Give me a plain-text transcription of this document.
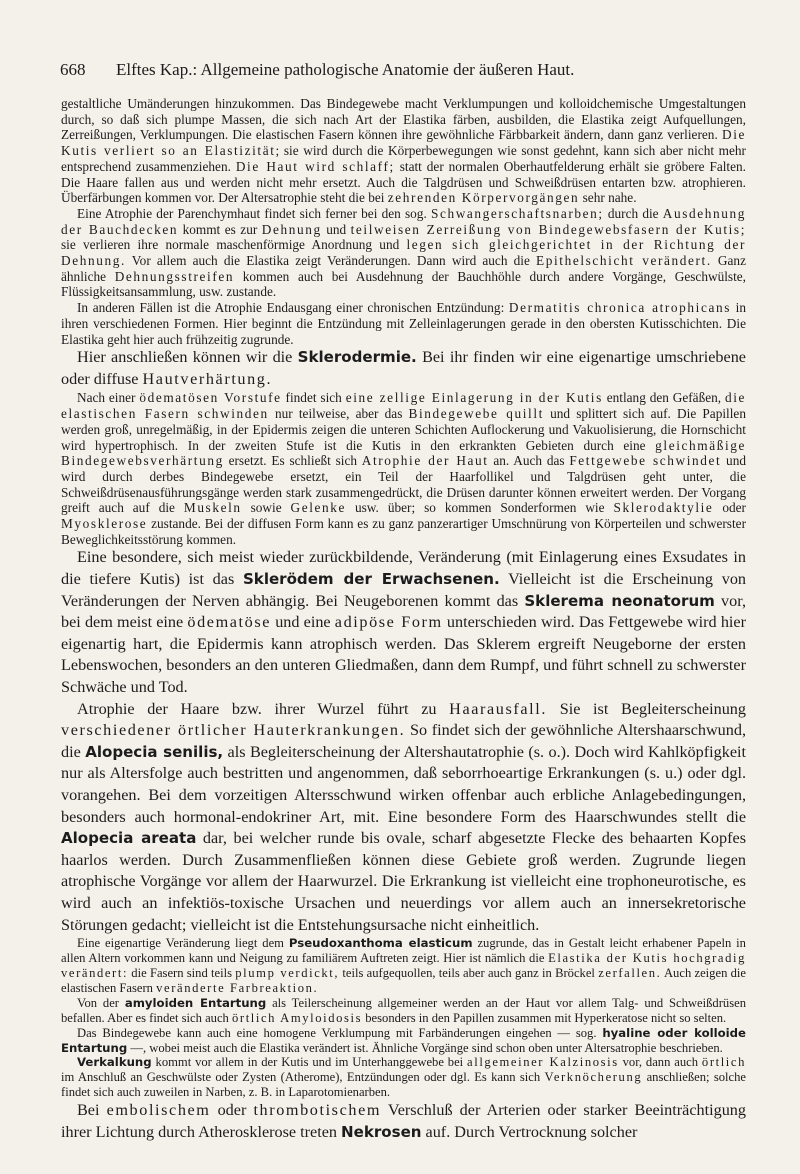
668 Elftes Kap.: Allgemeine pathologische Anatomie der äußeren Haut.

gestaltliche Umänderungen hinzukommen. Das Bindegewebe macht Verklumpungen und kolloidchemische Umgestaltungen durch, so daß sich plumpe Massen, die sich nach Art der Elastika färben, ausbilden, die Elastika zeigt Aufquellungen, Zerreißungen, Verklumpungen. Die elastischen Fasern können ihre gewöhnliche Färbbarkeit ändern, dann ganz verlieren. Die Kutis verliert so an Elastizität; sie wird durch die Körperbewegungen wie sonst gedehnt, kann sich aber nicht mehr entsprechend zusammenziehen. Die Haut wird schlaff; statt der normalen Oberhautfelderung erhält sie gröbere Falten. Die Haare fallen aus und werden nicht mehr ersetzt. Auch die Talgdrüsen und Schweißdrüsen entarten bzw. atrophieren. Überfärbungen kommen vor. Der Altersatrophie steht die bei zehrenden Körpervorgängen sehr nahe.

Eine Atrophie der Parenchymhaut findet sich ferner bei den sog. Schwangerschaftsnarben; durch die Ausdehnung der Bauchdecken kommt es zur Dehnung und teilweisen Zerreißung von Bindegewebsfasern der Kutis; sie verlieren ihre normale maschenförmige Anordnung und legen sich gleichgerichtet in der Richtung der Dehnung. Vor allem auch die Elastika zeigt Veränderungen. Dann wird auch die Epithelschicht verändert. Ganz ähnliche Dehnungsstreifen kommen auch bei Ausdehnung der Bauchhöhle durch andere Vorgänge, Geschwülste, Flüssigkeitsansammlung, usw. zustande.

In anderen Fällen ist die Atrophie Endausgang einer chronischen Entzündung: Dermatitis chronica atrophicans in ihren verschiedenen Formen. Hier beginnt die Entzündung mit Zelleinlagerungen gerade in den obersten Kutisschichten. Die Elastika geht hier auch frühzeitig zugrunde.

Hier anschließen können wir die Sklerodermie. Bei ihr finden wir eine eigenartige umschriebene oder diffuse Hautverhärtung.

Nach einer ödematösen Vorstufe findet sich eine zellige Einlagerung in der Kutis entlang den Gefäßen, die elastischen Fasern schwinden nur teilweise, aber das Bindegewebe quillt und splittert sich auf. Die Papillen werden groß, unregelmäßig, in der Epidermis zeigen die unteren Schichten Auflockerung und Vakuolisierung, die Hornschicht wird hypertrophisch. In der zweiten Stufe ist die Kutis in den erkrankten Gebieten durch eine gleichmäßige Bindegewebsverhärtung ersetzt. Es schließt sich Atrophie der Haut an. Auch das Fettgewebe schwindet und wird durch derbes Bindegewebe ersetzt, ein Teil der Haarfollikel und Talgdrüsen geht unter, die Schweißdrüsenausführungsgänge werden stark zusammengedrückt, die Drüsen darunter können erweitert werden. Der Vorgang greift auch auf die Muskeln sowie Gelenke usw. über; so kommen Sonderformen wie Sklerodaktylie oder Myosklerose zustande. Bei der diffusen Form kann es zu ganz panzerartiger Umschnürung von Körperteilen und schwerster Beweglichkeitsstörung kommen.

Eine besondere, sich meist wieder zurückbildende, Veränderung (mit Einlagerung eines Exsudates in die tiefere Kutis) ist das Sklerödem der Erwachsenen. Vielleicht ist die Erscheinung von Veränderungen der Nerven abhängig. Bei Neugeborenen kommt das Sklerema neonatorum vor, bei dem meist eine ödematöse und eine adipöse Form unterschieden wird. Das Fettgewebe wird hier eigenartig hart, die Epidermis kann atrophisch werden. Das Sklerem ergreift Neugeborne der ersten Lebenswochen, besonders an den unteren Gliedmaßen, dann dem Rumpf, und führt schnell zu schwerster Schwäche und Tod.

Atrophie der Haare bzw. ihrer Wurzel führt zu Haarausfall. Sie ist Begleiterscheinung verschiedener örtlicher Hauterkrankungen. So findet sich der gewöhnliche Altershaarschwund, die Alopecia senilis, als Begleiterscheinung der Altershautatrophie (s. o.). Doch wird Kahlköpfigkeit nur als Altersfolge auch bestritten und angenommen, daß seborrhoeartige Erkrankungen (s. u.) oder dgl. vorangehen. Bei dem vorzeitigen Altersschwund wirken offenbar auch erbliche Anlagebedingungen, besonders auch hormonal-endokriner Art, mit. Eine besondere Form des Haarschwundes stellt die Alopecia areata dar, bei welcher runde bis ovale, scharf abgesetzte Flecke des behaarten Kopfes haarlos werden. Durch Zusammenfließen können diese Gebiete groß werden. Zugrunde liegen atrophische Vorgänge vor allem der Haarwurzel. Die Erkrankung ist vielleicht eine trophoneurotische, es wird auch an infektiös-toxische Ursachen und neuerdings vor allem auch an innersekretorische Störungen gedacht; vielleicht ist die Entstehungsursache nicht einheitlich.

Eine eigenartige Veränderung liegt dem Pseudoxanthoma elasticum zugrunde, das in Gestalt leicht erhabener Papeln in allen Altern vorkommen kann und Neigung zu familiärem Auftreten zeigt. Hier ist nämlich die Elastika der Kutis hochgradig verändert: die Fasern sind teils plump verdickt, teils aufgequollen, teils aber auch ganz in Bröckel zerfallen. Auch zeigen die elastischen Fasern veränderte Farbreaktion.

Von der amyloiden Entartung als Teilerscheinung allgemeiner werden an der Haut vor allem Talg- und Schweißdrüsen befallen. Aber es findet sich auch örtlich Amyloidosis besonders in den Papillen zusammen mit Hyperkeratose nicht so selten.

Das Bindegewebe kann auch eine homogene Verklumpung mit Farbänderungen eingehen — sog. hyaline oder kolloide Entartung —, wobei meist auch die Elastika verändert ist. Ähnliche Vorgänge sind schon oben unter Altersatrophie beschrieben.

Verkalkung kommt vor allem in der Kutis und im Unterhanggewebe bei allgemeiner Kalzinosis vor, dann auch örtlich im Anschluß an Geschwülste oder Zysten (Atherome), Entzündungen oder dgl. Es kann sich Verknöcherung anschließen; solche findet sich auch zuweilen in Narben, z. B. in Laparotomienarben.

Bei embolischem oder thrombotischem Verschluß der Arterien oder starker Beeinträchtigung ihrer Lichtung durch Atherosklerose treten Nekrosen auf. Durch Vertrocknung solcher
